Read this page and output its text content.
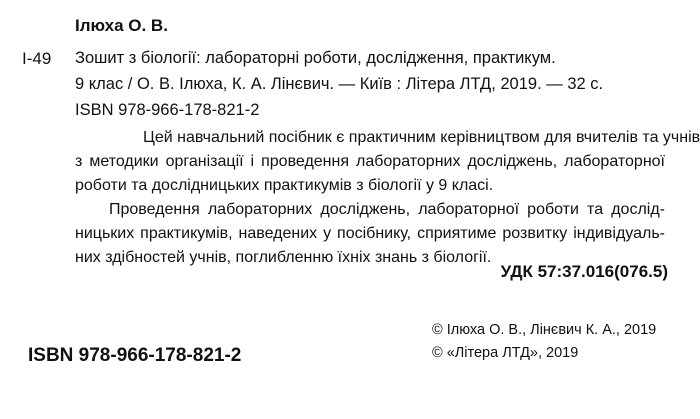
Ілюха О. В.
І-49 Зошит з біології: лабораторні роботи, дослідження, практикум.
9 клас / О. В. Ілюха, К. А. Лінєвич. — Київ : Літера ЛТД, 2019. — 32 с.
ISBN 978-966-178-821-2
Цей навчальний посібник є практичним керівництвом для вчителів та учнів
з методики організації і проведення лабораторних досліджень, лабораторної
роботи та дослідницьких практикумів з біології у 9 класі.
Проведення лабораторних досліджень, лабораторної роботи та дослід-
ницьких практикумів, наведених у посібнику, сприятиме розвитку індивідуаль-
них здібностей учнів, поглибленню їхніх знань з біології.
УДК 57:37.016(076.5)
ISBN 978-966-178-821-2
© Ілюха О. В., Лінєвич К. А., 2019
© «Літера ЛТД», 2019
